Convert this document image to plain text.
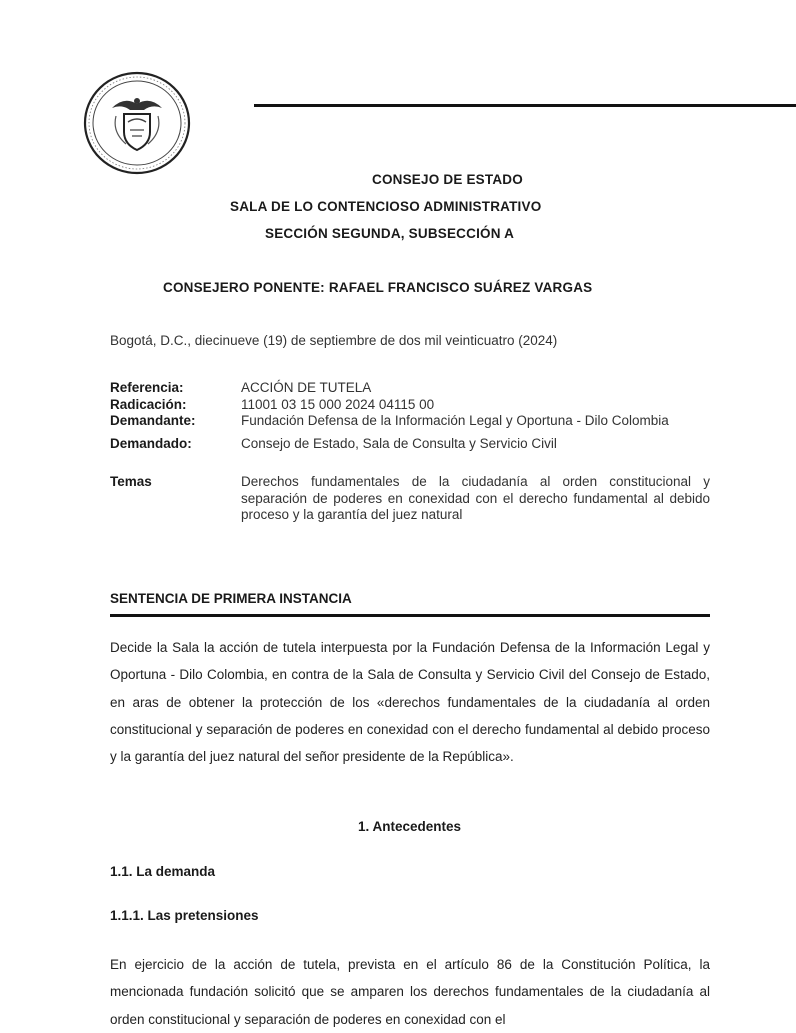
CONSEJO DE ESTADO
SALA DE LO CONTENCIOSO ADMINISTRATIVO
SECCIÓN SEGUNDA, SUBSECCIÓN A
CONSEJERO PONENTE: RAFAEL FRANCISCO SUÁREZ VARGAS
Bogotá, D.C., diecinueve (19) de septiembre de dos mil veinticuatro (2024)
Referencia:	ACCIÓN DE TUTELA
Radicación:	11001 03 15 000 2024 04115 00
Demandante:	Fundación Defensa de la Información Legal y Oportuna - Dilo Colombia
Demandado:	Consejo de Estado, Sala de Consulta y Servicio Civil
Temas	Derechos fundamentales de la ciudadanía al orden constitucional y separación de poderes en conexidad con el derecho fundamental al debido proceso y la garantía del juez natural
SENTENCIA DE PRIMERA INSTANCIA
Decide la Sala la acción de tutela interpuesta por la Fundación Defensa de la Información Legal y Oportuna - Dilo Colombia, en contra de la Sala de Consulta y Servicio Civil del Consejo de Estado, en aras de obtener la protección de los «derechos fundamentales de la ciudadanía al orden constitucional y separación de poderes en conexidad con el derecho fundamental al debido proceso y la garantía del juez natural del señor presidente de la República».
1. Antecedentes
1.1. La demanda
1.1.1. Las pretensiones
En ejercicio de la acción de tutela, prevista en el artículo 86 de la Constitución Política, la mencionada fundación solicitó que se amparen los derechos fundamentales de la ciudadanía al orden constitucional y separación de poderes en conexidad con el
